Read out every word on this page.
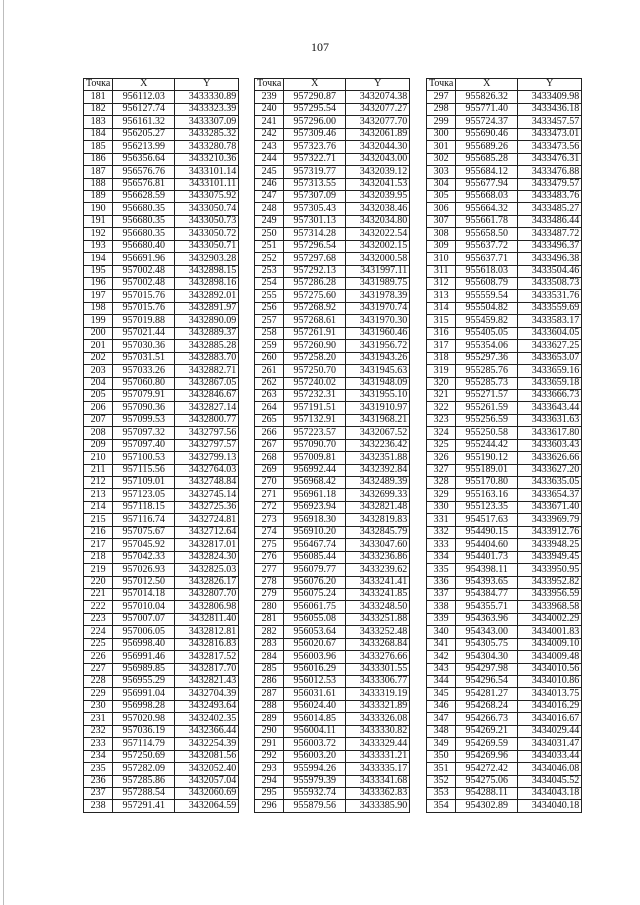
107
Точка	X	Y
181	956112.03	3433330.89
182	956127.74	3433323.39
183	956161.32	3433307.09
184	956205.27	3433285.32
185	956213.99	3433280.78
186	956356.64	3433210.36
187	956576.76	3433101.14
188	956576.81	3433101.11
189	956628.59	3433075.92
190	956680.35	3433050.74
191	956680.35	3433050.73
192	956680.35	3433050.72
193	956680.40	3433050.71
194	956691.96	3432903.28
195	957002.48	3432898.15
196	957002.48	3432898.16
197	957015.76	3432892.01
198	957015.76	3432891.97
199	957019.88	3432890.09
200	957021.44	3432889.37
201	957030.36	3432885.28
202	957031.51	3432883.70
203	957033.26	3432882.71
204	957060.80	3432867.05
205	957079.91	3432846.67
206	957090.36	3432827.14
207	957099.53	3432800.77
208	957097.32	3432797.56
209	957097.40	3432797.57
210	957100.53	3432799.13
211	957115.56	3432764.03
212	957109.01	3432748.84
213	957123.05	3432745.14
214	957118.15	3432725.36
215	957116.74	3432724.81
216	957075.67	3432712.64
217	957045.92	3432817.01
218	957042.33	3432824.30
219	957026.93	3432825.03
220	957012.50	3432826.17
221	957014.18	3432807.70
222	957010.04	3432806.98
223	957007.07	3432811.40
224	957006.05	3432812.81
225	956998.40	3432816.83
226	956991.46	3432817.52
227	956989.85	3432817.70
228	956955.29	3432821.43
229	956991.04	3432704.39
230	956998.28	3432493.64
231	957020.98	3432402.35
232	957036.19	3432366.44
233	957114.79	3432254.39
234	957250.69	3432081.56
235	957282.09	3432052.40
236	957285.86	3432057.04
237	957288.54	3432060.69
238	957291.41	3432064.59
Точка	X	Y
239	957290.87	3432074.38
240	957295.54	3432077.27
241	957296.00	3432077.70
242	957309.46	3432061.89
243	957323.76	3432044.30
244	957322.71	3432043.00
245	957319.77	3432039.12
246	957313.55	3432041.53
247	957307.09	3432039.95
248	957305.43	3432038.46
249	957301.13	3432034.80
250	957314.28	3432022.54
251	957296.54	3432002.15
252	957297.68	3432000.58
253	957292.13	3431997.11
254	957286.28	3431989.75
255	957275.60	3431978.39
256	957268.92	3431970.74
257	957268.61	3431970.30
258	957261.91	3431960.46
259	957260.90	3431956.72
260	957258.20	3431943.26
261	957250.70	3431945.63
262	957240.02	3431948.09
263	957232.31	3431955.10
264	957191.51	3431910.97
265	957132.91	3431968.21
266	957223.57	3432067.52
267	957090.70	3432236.42
268	957009.81	3432351.88
269	956992.44	3432392.84
270	956968.42	3432489.39
271	956961.18	3432699.33
272	956923.94	3432821.48
273	956918.30	3432819.83
274	956910.20	3432845.79
275	956467.74	3433047.60
276	956085.44	3433236.86
277	956079.77	3433239.62
278	956076.20	3433241.41
279	956075.24	3433241.85
280	956061.75	3433248.50
281	956055.08	3433251.88
282	956053.64	3433252.48
283	956020.67	3433268.84
284	956003.96	3433276.66
285	956016.29	3433301.55
286	956012.53	3433306.77
287	956031.61	3433319.19
288	956024.40	3433321.89
289	956014.85	3433326.08
290	956004.11	3433330.82
291	956003.72	3433329.44
292	956003.20	3433331.21
293	955994.26	3433335.17
294	955979.39	3433341.68
295	955932.74	3433362.83
296	955879.56	3433385.90
Точка	X	Y
297	955826.32	3433409.98
298	955771.40	3433436.18
299	955724.37	3433457.57
300	955690.46	3433473.01
301	955689.26	3433473.56
302	955685.28	3433476.31
303	955684.12	3433476.88
304	955677.94	3433479.57
305	955668.03	3433483.76
306	955664.32	3433485.27
307	955661.78	3433486.44
308	955658.50	3433487.72
309	955637.72	3433496.37
310	955637.71	3433496.38
311	955618.03	3433504.46
312	955608.79	3433508.73
313	955559.54	3433531.76
314	955504.82	3433559.69
315	955459.82	3433583.17
316	955405.05	3433604.05
317	955354.06	3433627.25
318	955297.36	3433653.07
319	955285.76	3433659.16
320	955285.73	3433659.18
321	955271.57	3433666.73
322	955261.59	3433643.44
323	955256.59	3433631.63
324	955250.58	3433617.80
325	955244.42	3433603.43
326	955190.12	3433626.66
327	955189.01	3433627.20
328	955170.80	3433635.05
329	955163.16	3433654.37
330	955123.35	3433671.40
331	954517.63	3433969.79
332	954490.15	3433912.76
333	954404.60	3433948.25
334	954401.73	3433949.45
335	954398.11	3433950.95
336	954393.65	3433952.82
337	954384.77	3433956.59
338	954355.71	3433968.58
339	954363.96	3434002.29
340	954343.00	3434001.83
341	954305.75	3434009.10
342	954304.30	3434009.48
343	954297.98	3434010.56
344	954296.54	3434010.86
345	954281.27	3434013.75
346	954268.24	3434016.29
347	954266.73	3434016.67
348	954269.21	3434029.44
349	954269.59	3434031.47
350	954269.96	3434033.44
351	954272.42	3434046.08
352	954275.06	3434045.52
353	954288.11	3434043.18
354	954302.89	3434040.18
